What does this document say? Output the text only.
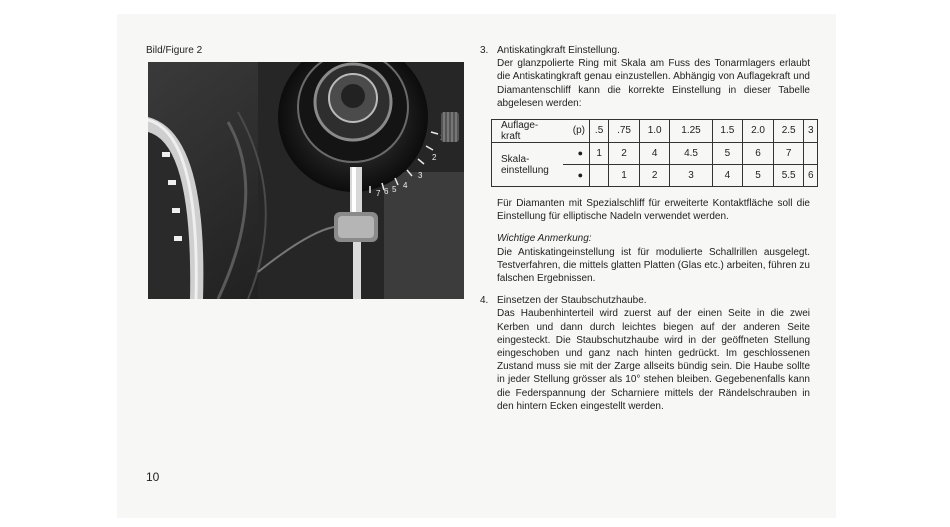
Bild/Figure 2
2
3
4
5
6
7
10
3. Antiskatingkraft Einstellung.
Der glanzpolierte Ring mit Skala am Fuss des Tonarmlagers erlaubt die Antiskatingkraft genau einzustellen. Abhängig von Auflagekraft und Diamantenschliff kann die korrekte Einstellung in dieser Tabelle abgelesen werden:
Auflage-
kraft	(p)	.5	.75	1.0	1.25	1.5	2.0	2.5	3
Skala-
einstellung	●	1	2	4	4.5	5	6	7	
	●		1	2	3	4	5	5.5	6
Für Diamanten mit Spezialschliff für erweiterte Kontaktfläche soll die Einstellung für elliptische Nadeln verwendet werden.
Wichtige Anmerkung:
Die Antiskatingeinstellung ist für modulierte Schallrillen ausgelegt. Testverfahren, die mittels glatten Platten (Glas etc.) arbeiten, führen zu falschen Ergebnissen.
4. Einsetzen der Staubschutzhaube.
Das Haubenhinterteil wird zuerst auf der einen Seite in die zwei Kerben und dann durch leichtes biegen auf der anderen Seite eingesteckt. Die Staubschutzhaube wird in der geöffneten Stellung eingeschoben und ganz nach hinten gedrückt. Im geschlossenen Zustand muss sie mit der Zarge allseits bündig sein. Die Haube sollte in jeder Stellung grösser als 10° stehen bleiben. Gegebenenfalls kann die Federspannung der Scharniere mittels der Rändelschrauben in den hintern Ecken eingestellt werden.
